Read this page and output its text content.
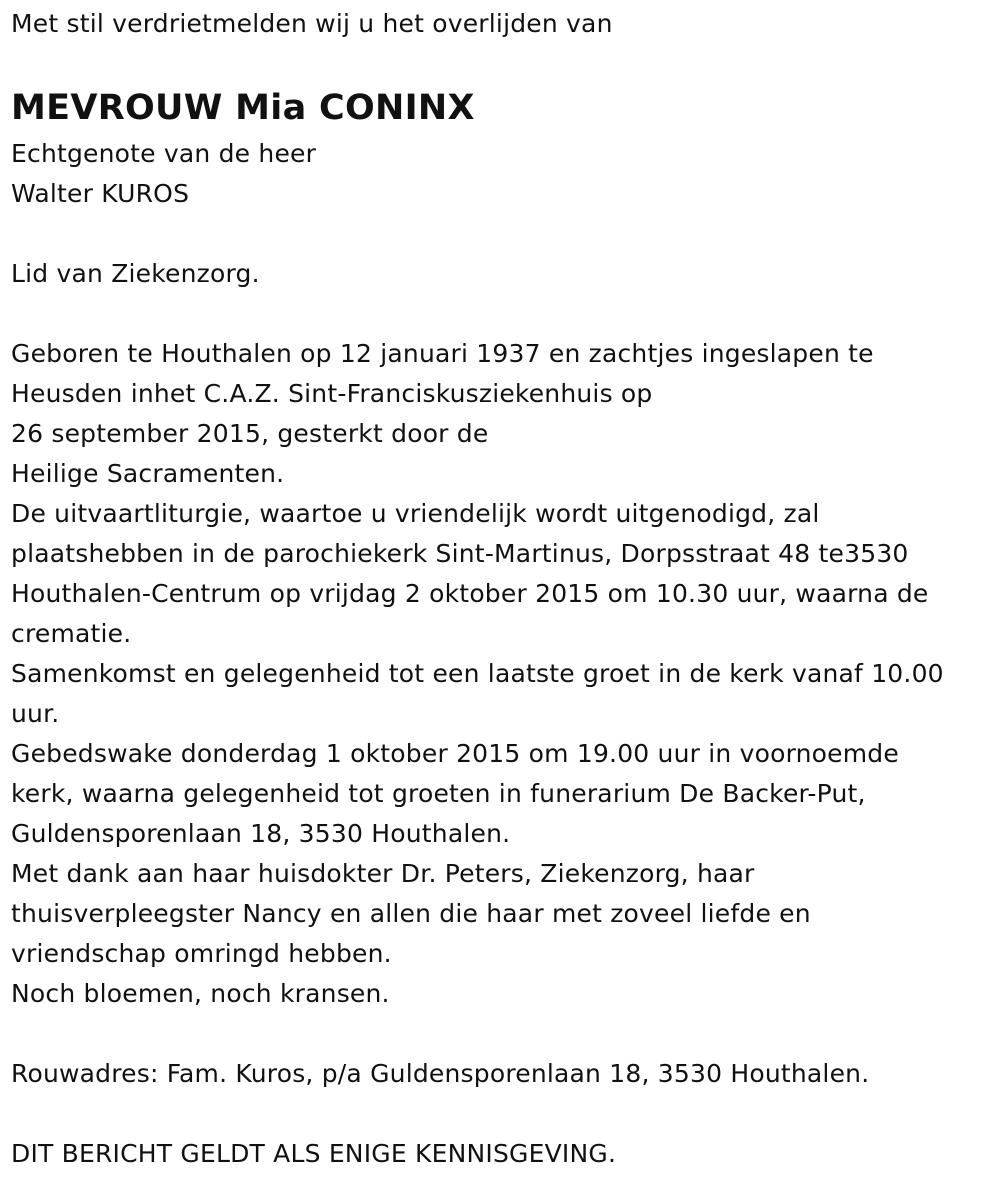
Met stil verdrietmelden wij u het overlijden van
MEVROUW Mia CONINX
Echtgenote van de heer
Walter KUROS
Lid van Ziekenzorg.
Geboren te Houthalen op 12 januari 1937 en zachtjes ingeslapen te
Heusden inhet C.A.Z. Sint-Franciskusziekenhuis op
26 september 2015, gesterkt door de
Heilige Sacramenten.
De uitvaartliturgie, waartoe u vriendelijk wordt uitgenodigd, zal
plaatshebben in de parochiekerk Sint-Martinus, Dorpsstraat 48 te3530
Houthalen-Centrum op vrijdag 2 oktober 2015 om 10.30 uur, waarna de
crematie.
Samenkomst en gelegenheid tot een laatste groet in de kerk vanaf 10.00
uur.
Gebedswake donderdag 1 oktober 2015 om 19.00 uur in voornoemde
kerk, waarna gelegenheid tot groeten in funerarium De Backer-Put,
Guldensporenlaan 18, 3530 Houthalen.
Met dank aan haar huisdokter Dr. Peters, Ziekenzorg, haar
thuisverpleegster Nancy en allen die haar met zoveel liefde en
vriendschap omringd hebben.
Noch bloemen, noch kransen.
Rouwadres: Fam. Kuros, p/a Guldensporenlaan 18, 3530 Houthalen.
DIT BERICHT GELDT ALS ENIGE KENNISGEVING.
